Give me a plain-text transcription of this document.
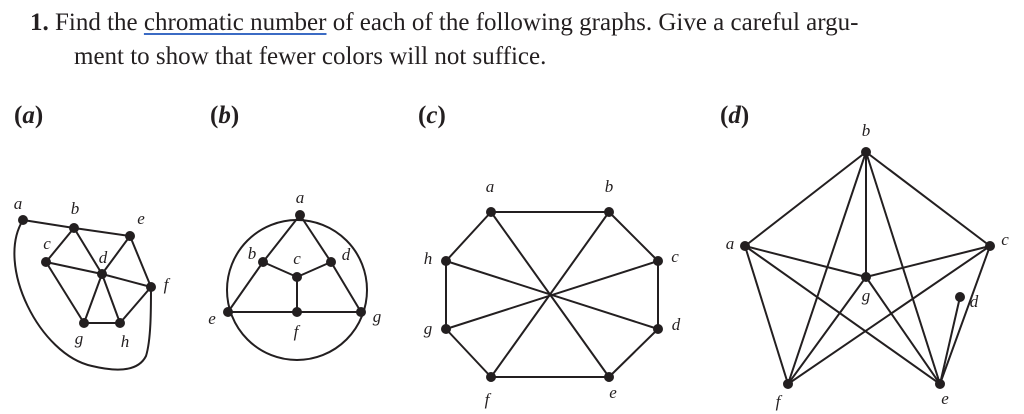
1. Find the chromatic number of each of the following graphs. Give a careful argu-
ment to show that fewer colors will not suffice.
(a)	(b)	(c)	(d)
a	b
c
d
e
f
g h
a
b c d
e
f
g
a	b
c
d
e
f
g
h
a
b
c
d
e
f
g
